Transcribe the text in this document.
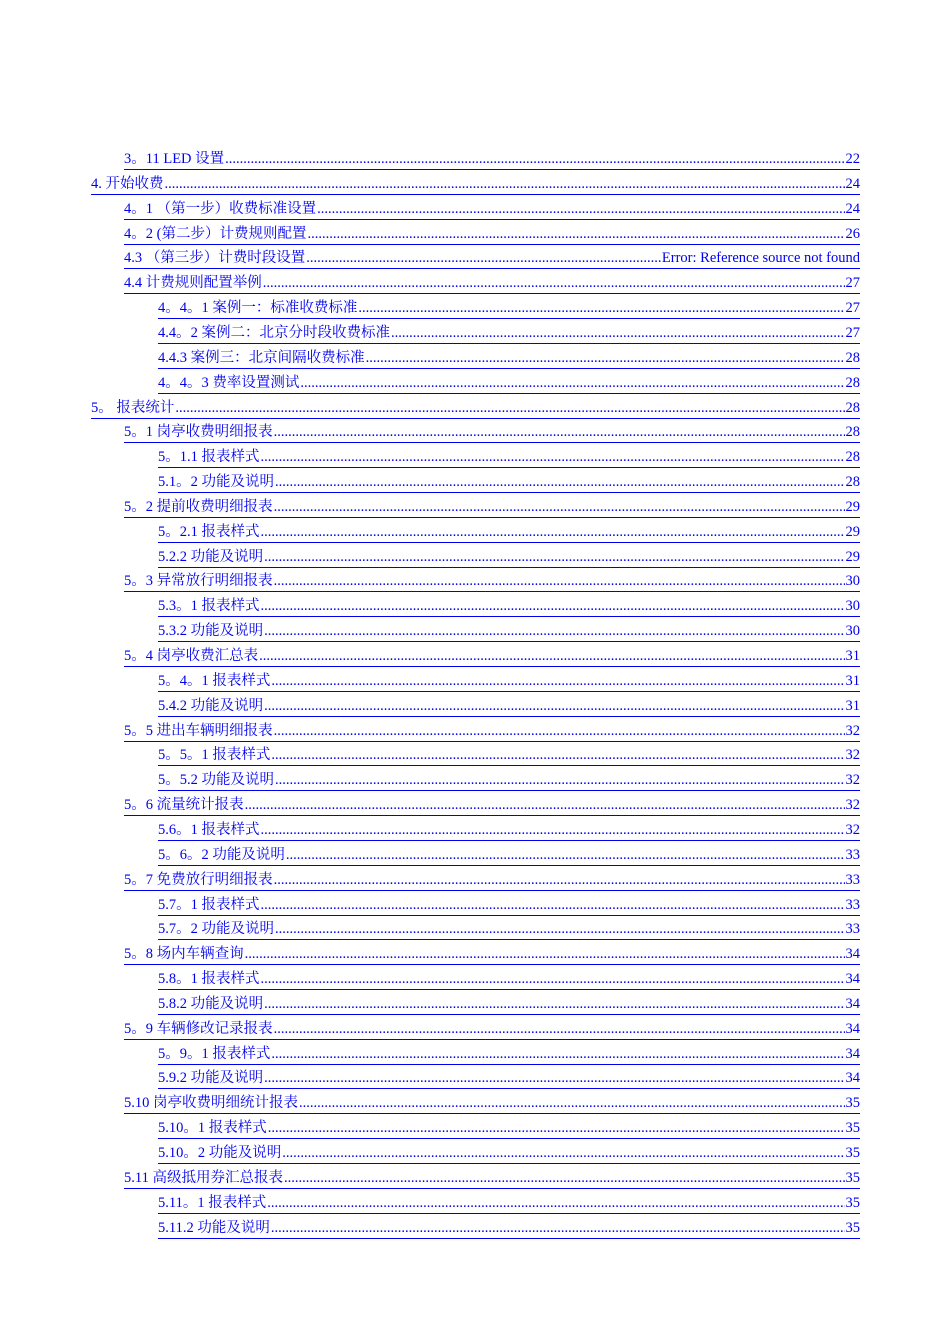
3。11 LED 设置 .....	22
4. 开始收费 .....	24
4。1 （第一步）收费标准设置 .....	24
4。2 (第二步）计费规则配置 .....	26
4.3 （第三步）计费时段设置 .....	Error: Reference source not found
4.4 计费规则配置举例 .....	27
4。4。1 案例一：标准收费标准 .....	27
4.4。2 案例二：北京分时段收费标准 .....	27
4.4.3 案例三：北京间隔收费标准 .....	28
4。4。3 费率设置测试 .....	28
5。 报表统计 .....	28
5。1 岗亭收费明细报表 .....	28
5。1.1 报表样式 .....	28
5.1。2 功能及说明 .....	28
5。2 提前收费明细报表 .....	29
5。2.1 报表样式 .....	29
5.2.2 功能及说明 .....	29
5。3 异常放行明细报表 .....	30
5.3。1 报表样式 .....	30
5.3.2 功能及说明 .....	30
5。4 岗亭收费汇总表 .....	31
5。4。1 报表样式 .....	31
5.4.2 功能及说明 .....	31
5。5 进出车辆明细报表 .....	32
5。5。1 报表样式 .....	32
5。5.2 功能及说明 .....	32
5。6 流量统计报表 .....	32
5.6。1 报表样式 .....	32
5。6。2 功能及说明 .....	33
5。7 免费放行明细报表 .....	33
5.7。1 报表样式 .....	33
5.7。2 功能及说明 .....	33
5。8 场内车辆查询 .....	34
5.8。1 报表样式 .....	34
5.8.2 功能及说明 .....	34
5。9 车辆修改记录报表 .....	34
5。9。1 报表样式 .....	34
5.9.2 功能及说明 .....	34
5.10 岗亭收费明细统计报表 .....	35
5.10。1 报表样式 .....	35
5.10。2 功能及说明 .....	35
5.11 高级抵用券汇总报表 .....	35
5.11。1 报表样式 .....	35
5.11.2 功能及说明 .....	35
